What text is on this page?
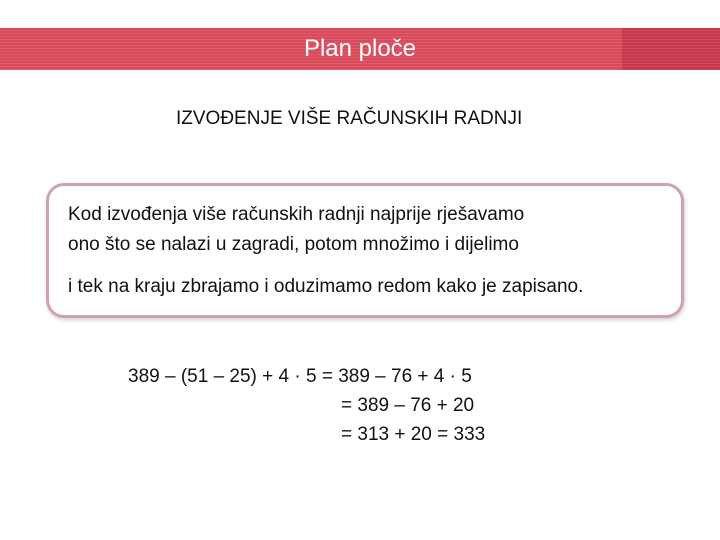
Plan ploče
IZVOĐENJE VIŠE RAČUNSKIH RADNJI
Kod izvođenja više računskih radnji najprije rješavamo
ono što se nalazi u zagradi, potom množimo i dijelimo
i tek na kraju zbrajamo i oduzimamo redom kako je zapisano.
389 – (51 – 25) + 4 · 5 = 389 – 76 + 4 · 5
= 389 – 76 + 20
= 313 + 20 = 333
